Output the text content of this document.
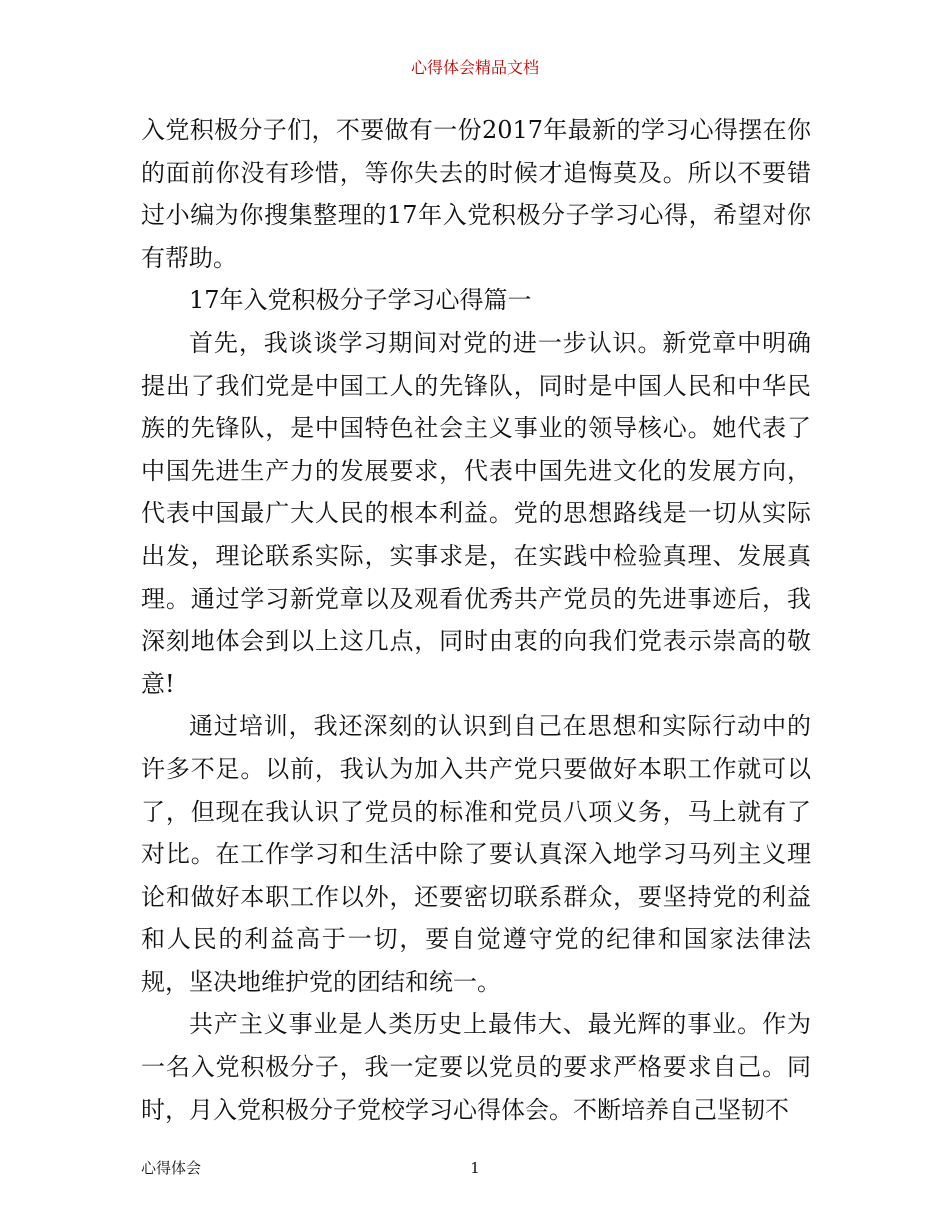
心得体会精品文档

入党积极分子们，不要做有一份2017年最新的学习心得摆在你的面前你没有珍惜，等你失去的时候才追悔莫及。所以不要错过小编为你搜集整理的17年入党积极分子学习心得，希望对你有帮助。

17年入党积极分子学习心得篇一

首先，我谈谈学习期间对党的进一步认识。新党章中明确提出了我们党是中国工人的先锋队，同时是中国人民和中华民族的先锋队，是中国特色社会主义事业的领导核心。她代表了中国先进生产力的发展要求，代表中国先进文化的发展方向，代表中国最广大人民的根本利益。党的思想路线是一切从实际出发，理论联系实际，实事求是，在实践中检验真理、发展真理。通过学习新党章以及观看优秀共产党员的先进事迹后，我深刻地体会到以上这几点，同时由衷的向我们党表示崇高的敬意!

通过培训，我还深刻的认识到自己在思想和实际行动中的许多不足。以前，我认为加入共产党只要做好本职工作就可以了，但现在我认识了党员的标准和党员八项义务，马上就有了对比。在工作学习和生活中除了要认真深入地学习马列主义理论和做好本职工作以外，还要密切联系群众，要坚持党的利益和人民的利益高于一切，要自觉遵守党的纪律和国家法律法规，坚决地维护党的团结和统一。

共产主义事业是人类历史上最伟大、最光辉的事业。作为一名入党积极分子，我一定要以党员的要求严格要求自己。同时，月入党积极分子党校学习心得体会。不断培养自己坚韧不

心得体会	1
